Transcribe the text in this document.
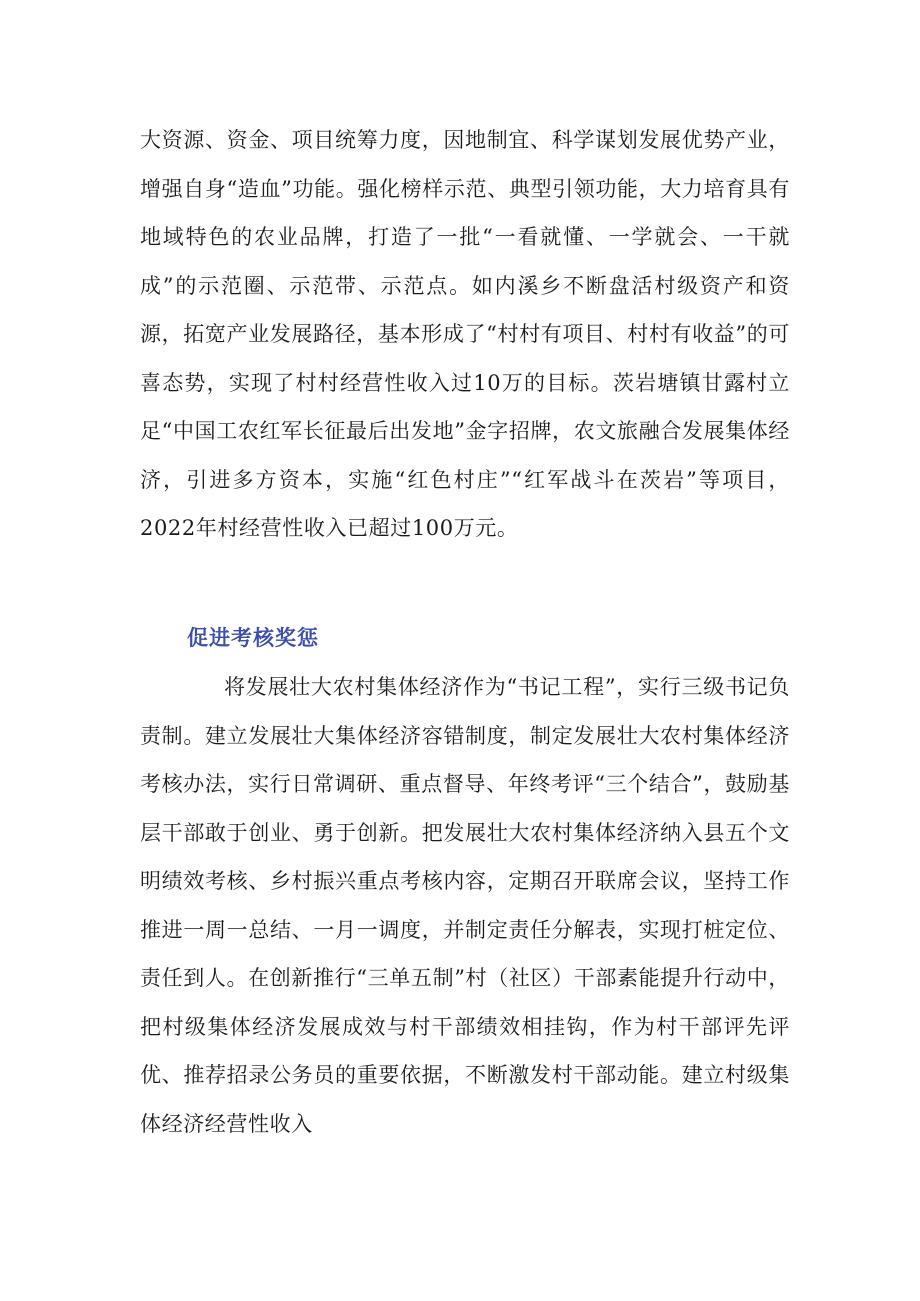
大资源、资金、项目统筹力度，因地制宜、科学谋划发展优势产业，增强自身“造血”功能。强化榜样示范、典型引领功能，大力培育具有地域特色的农业品牌，打造了一批“一看就懂、一学就会、一干就成”的示范圈、示范带、示范点。如内溪乡不断盘活村级资产和资源，拓宽产业发展路径，基本形成了“村村有项目、村村有收益”的可喜态势，实现了村村经营性收入过10万的目标。茨岩塘镇甘露村立足“中国工农红军长征最后出发地”金字招牌，农文旅融合发展集体经济，引进多方资本，实施“红色村庄”“红军战斗在茨岩”等项目，2022年村经营性收入已超过100万元。

促进考核奖惩

将发展壮大农村集体经济作为“书记工程”，实行三级书记负责制。建立发展壮大集体经济容错制度，制定发展壮大农村集体经济考核办法，实行日常调研、重点督导、年终考评“三个结合”，鼓励基层干部敢于创业、勇于创新。把发展壮大农村集体经济纳入县五个文明绩效考核、乡村振兴重点考核内容，定期召开联席会议，坚持工作推进一周一总结、一月一调度，并制定责任分解表，实现打桩定位、责任到人。在创新推行“三单五制”村（社区）干部素能提升行动中，把村级集体经济发展成效与村干部绩效相挂钩，作为村干部评先评优、推荐招录公务员的重要依据，不断激发村干部动能。建立村级集体经济经营性收入
